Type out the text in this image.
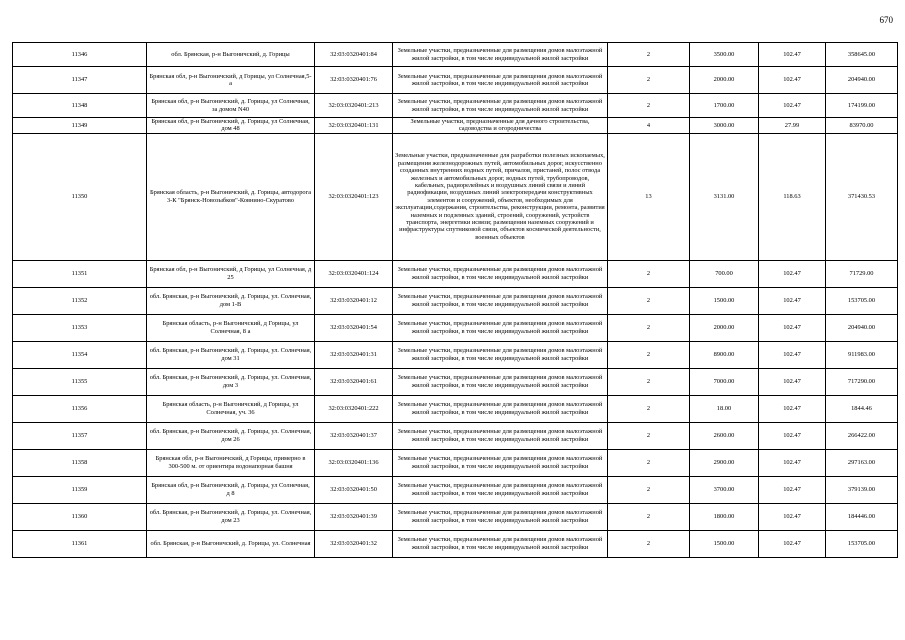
670
11346	обл. Брянская, р-н Выгоничский, д. Горицы	32:03:0320401:84	Земельные участки, предназначенные для размещения домов малоэтажной жилой застройки, в том числе индивидуальной жилой застройки	2	3500.00	102.47	358645.00
11347	Брянская обл, р-н Выгоничский, д Горицы, ул Солнечная,5-а	32:03:0320401:76	Земельные участки, предназначенные для размещения домов малоэтажной жилой застройки, в том числе индивидуальной жилой застройки	2	2000.00	102.47	204940.00
11348	Брянская обл, р-н Выгоничский, д. Горицы, ул Солнечная, за домом N40	32:03:0320401:213	Земельные участки, предназначенные для размещения домов малоэтажной жилой застройки, в том числе индивидуальной жилой застройки	2	1700.00	102.47	174199.00
11349	Брянская обл, р-н Выгоничский, д. Горицы, ул Солнечная, дом 48	32:03:0320401:131	Земельные участки, предназначенные для дачного строительства, садоводства и огородничества	4	3000.00	27.99	83970.00
11350	Брянская область, р-н Выгоничский, д. Горицы, автодорога 3-К "Брянск-Новозыбков"-Ковнино-Скуратово	32:03:0320401:123	Земельные участки, предназначенные для разработки полезных ископаемых, размещения железнодорожных путей, автомобильных дорог, искусственно созданных внутренних водных путей, причалов, пристаней, полос отвода железных и автомобильных дорог, водных путей, трубопроводов, кабельных, радиорелейных и воздушных линий связи и линий радиофикации, воздушных линий электропередачи конструктивных элементов и сооружений, объектов, необходимых для эксплуатации,содержания, строительства, реконструкции, ремонта, развития наземных и подземных зданий, строений, сооружений, устройств транспорта, энергетики исвязи; размещения наземных сооружений и инфраструктуры спутниковой связи, объектов космической деятельности, военных объектов	13	3131.00	118.63	371430.53
11351	Брянская обл, р-н Выгоничский, д Горицы, ул Солнечная, д 25	32:03:0320401:124	Земельные участки, предназначенные для размещения домов малоэтажной жилой застройки, в том числе индивидуальной жилой застройки	2	700.00	102.47	71729.00
11352	обл. Брянская, р-н Выгоничский, д. Горицы, ул. Солнечная, дом 1-В	32:03:0320401:12	Земельные участки, предназначенные для размещения домов малоэтажной жилой застройки, в том числе индивидуальной жилой застройки	2	1500.00	102.47	153705.00
11353	Брянская область, р-н Выгоничский, д Горицы, ул Солнечная, 8 а	32:03:0320401:54	Земельные участки, предназначенные для размещения домов малоэтажной жилой застройки, в том числе индивидуальной жилой застройки	2	2000.00	102.47	204940.00
11354	обл. Брянская, р-н Выгоничский, д. Горицы, ул. Солнечная, дом 31	32:03:0320401:31	Земельные участки, предназначенные для размещения домов малоэтажной жилой застройки, в том числе индивидуальной жилой застройки	2	8900.00	102.47	911983.00
11355	обл. Брянская, р-н Выгоничский, д. Горицы, ул. Солнечная, дом 3	32:03:0320401:61	Земельные участки, предназначенные для размещения домов малоэтажной жилой застройки, в том числе индивидуальной жилой застройки	2	7000.00	102.47	717290.00
11356	Брянская область, р-н Выгоничский, д Горицы, ул Солнечная, уч. 36	32:03:0320401:222	Земельные участки, предназначенные для размещения домов малоэтажной жилой застройки, в том числе индивидуальной жилой застройки	2	18.00	102.47	1844.46
11357	обл. Брянская, р-н Выгоничский, д. Горицы, ул. Солнечная, дом 26	32:03:0320401:37	Земельные участки, предназначенные для размещения домов малоэтажной жилой застройки, в том числе индивидуальной жилой застройки	2	2600.00	102.47	266422.00
11358	Брянская обл, р-н Выгоничский, д Горицы, примерно в 300-500 м. от ориентира водонапорная башня	32:03:0320401:136	Земельные участки, предназначенные для размещения домов малоэтажной жилой застройки, в том числе индивидуальной жилой застройки	2	2900.00	102.47	297163.00
11359	Брянская обл, р-н Выгоничский, д. Горицы, ул Солнечная, д 8	32:03:0320401:50	Земельные участки, предназначенные для размещения домов малоэтажной жилой застройки, в том числе индивидуальной жилой застройки	2	3700.00	102.47	379139.00
11360	обл. Брянская, р-н Выгоничский, д. Горицы, ул. Солнечная, дом 23	32:03:0320401:39	Земельные участки, предназначенные для размещения домов малоэтажной жилой застройки, в том числе индивидуальной жилой застройки	2	1800.00	102.47	184446.00
11361	обл. Брянская, р-н Выгоничский, д. Горицы, ул. Солнечная	32:03:0320401:32	Земельные участки, предназначенные для размещения домов малоэтажной жилой застройки, в том числе индивидуальной жилой застройки	2	1500.00	102.47	153705.00
